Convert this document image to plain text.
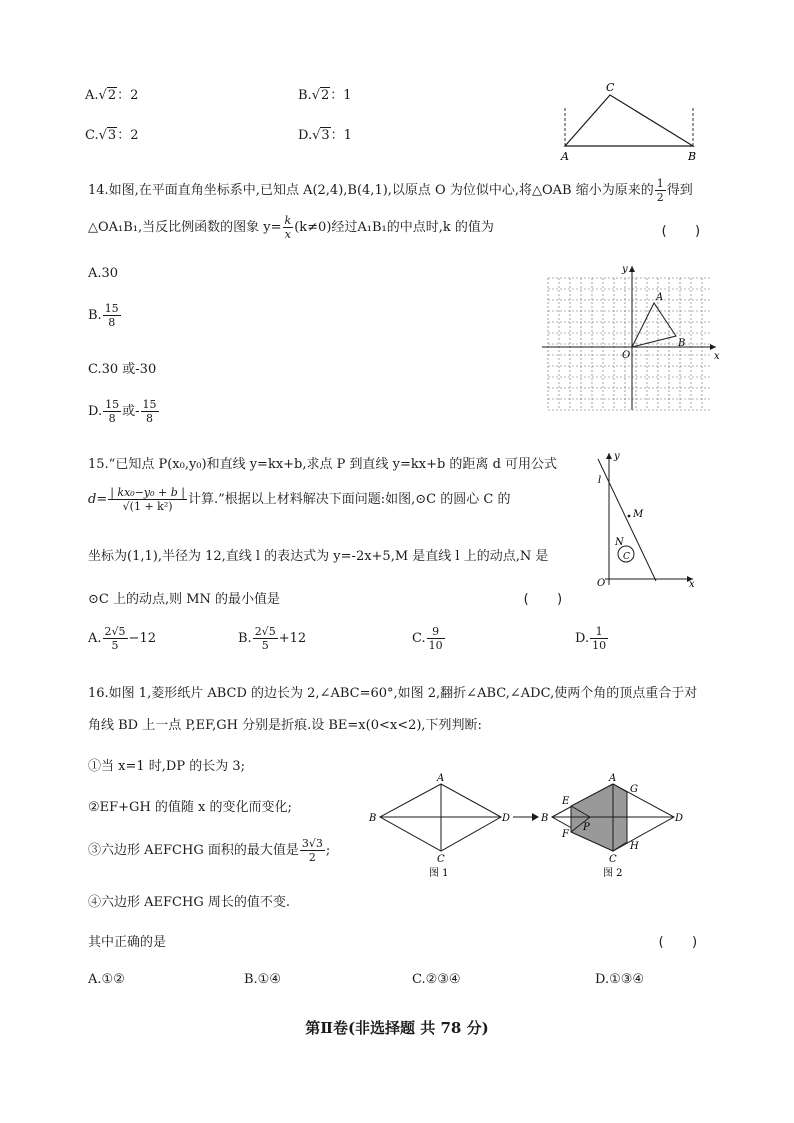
A.√2：2	B.√2：1
C.√3：2	D.√3：1
A	B
C
14.如图,在平面直角坐标系中,已知点 A(2,4),B(4,1),以原点 O 为位似中心,将△OAB 缩小为原来的 $\frac{1}{2}$ 得到
△OA₁B₁,当反比例函数的图象 $y= \frac{k}{x} (k\ne 0)$经过A₁B₁的中点时,k 的值为	(　　)
A.30
B. $\frac{15}{8}$
C.30 或-30
D. $\frac{15}{8}$ 或- $\frac{15}{8}$
x
y
O
A
B
15.“已知点 P(x₀,y₀)和直线 y=kx+b,求点 P 到直线 y=kx+b 的距离 d 可用公式
$d= \frac{\text{| kx₀−y₀ + b |}}{\text{√(1 + k²)}}$ 计算.”根据以上材料解决下面问题:如图,⊙C 的圆心 C 的
坐标为(1,1),半径为 12,直线 l 的表达式为 y=-2x+5,M 是直线 l 上的动点,N 是
⊙C 上的动点,则 MN 的最小值是	(　　)
A. $\frac{2√5}{5} -12$	B. $\frac{2√5}{5} +12$	C. $\frac{9}{10}$	D. $\frac{1}{10}$
y
x
O
l
M
N
C
16.如图 1,菱形纸片 ABCD 的边长为 2,∠ABC=60°,如图 2,翻折∠ABC,∠ADC,使两个角的顶点重合于对
角线 BD 上一点 P,EF,GH 分别是折痕.设 BE=x(0<x<2),下列判断:
①当 x=1 时,DP 的长为 3;
②EF+GH 的值随 x 的变化而变化;
③六边形 AEFCHG 面积的最大值是 $\frac{3√3}{2}$ ;
④六边形 AEFCHG 周长的值不变.
其中正确的是	(　　)
A.①②	B.①④	C.②③④	D.①③④
A
B
C
D
图 1
A
B
C
D
E
F
G
H
P
图 2
第Ⅱ卷(非选择题 共 78 分)
